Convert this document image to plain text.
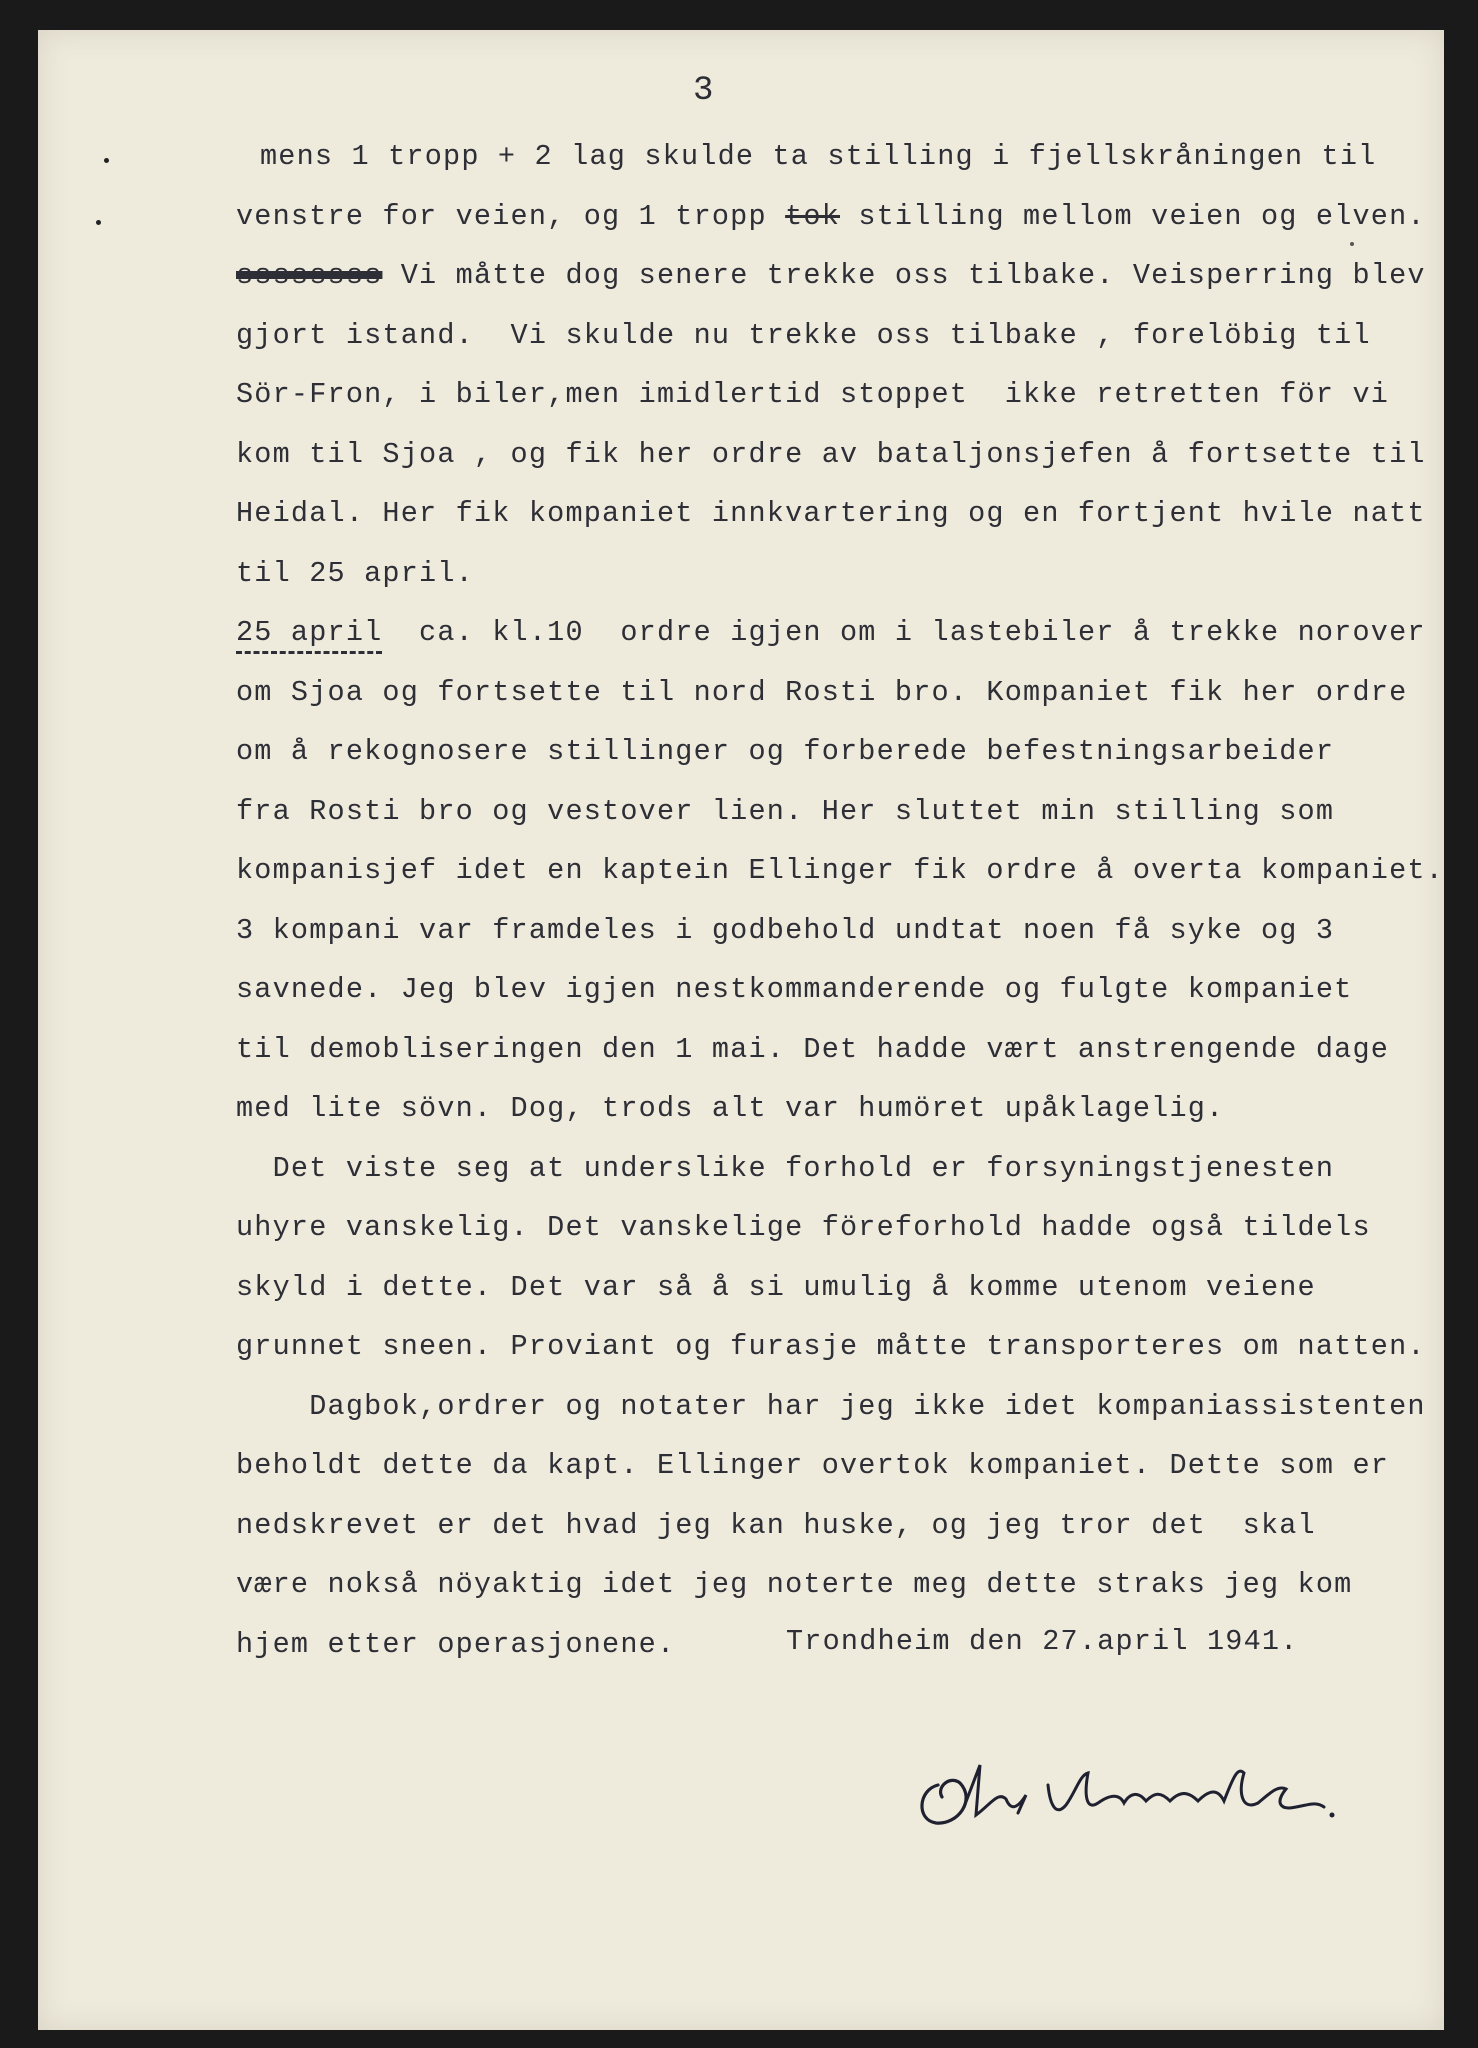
3
mens 1 tropp + 2 lag skulde ta stilling i fjellskråningen til
venstre for veien, og 1 tropp tok stilling mellom veien og elven.
ssssssss Vi måtte dog senere trekke oss tilbake. Veisperring blev
gjort istand.  Vi skulde nu trekke oss tilbake , forelöbig til
Sör-Fron, i biler,men imidlertid stoppet  ikke retretten för vi
kom til Sjoa , og fik her ordre av bataljonsjefen å fortsette til
Heidal. Her fik kompaniet innkvartering og en fortjent hvile natt
til 25 april.
25 april  ca. kl.10  ordre igjen om i lastebiler å trekke norover
om Sjoa og fortsette til nord Rosti bro. Kompaniet fik her ordre
om å rekognosere stillinger og forberede befestningsarbeider
fra Rosti bro og vestover lien. Her sluttet min stilling som
kompanisjef idet en kaptein Ellinger fik ordre å overta kompaniet.
3 kompani var framdeles i godbehold undtat noen få syke og 3
savnede. Jeg blev igjen nestkommanderende og fulgte kompaniet
til demobliseringen den 1 mai. Det hadde vært anstrengende dage
med lite sövn. Dog, trods alt var humöret upåklagelig.
Det viste seg at underslike forhold er forsyningstjenesten
uhyre vanskelig. Det vanskelige föreforhold hadde også tildels
skyld i dette. Det var så å si umulig å komme utenom veiene
grunnet sneen. Proviant og furasje måtte transporteres om natten.
Dagbok,ordrer og notater har jeg ikke idet kompaniassistenten
beholdt dette da kapt. Ellinger overtok kompaniet. Dette som er
nedskrevet er det hvad jeg kan huske, og jeg tror det  skal
være nokså nöyaktig idet jeg noterte meg dette straks jeg kom
hjem etter operasjonene.	Trondheim den 27.april 1941.
